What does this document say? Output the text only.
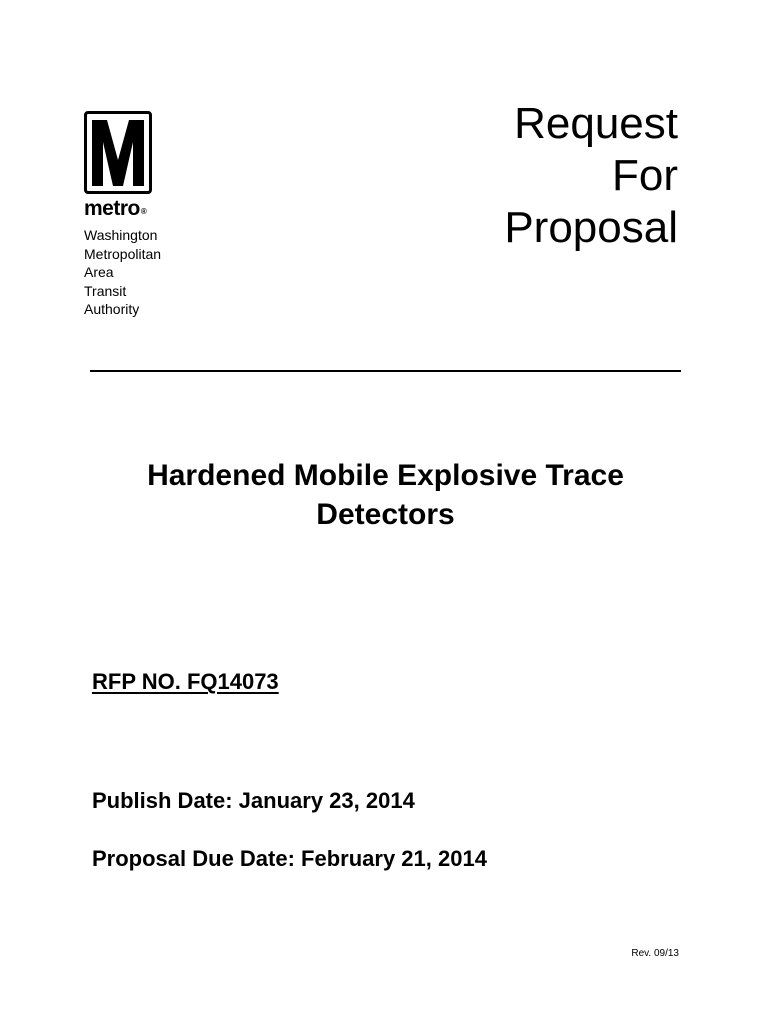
metro®
Washington
Metropolitan
Area
Transit
Authority
Request
For
Proposal
Hardened Mobile Explosive Trace
Detectors
RFP NO. FQ14073
Publish Date: January 23, 2014
Proposal Due Date: February 21, 2014
Rev. 09/13
